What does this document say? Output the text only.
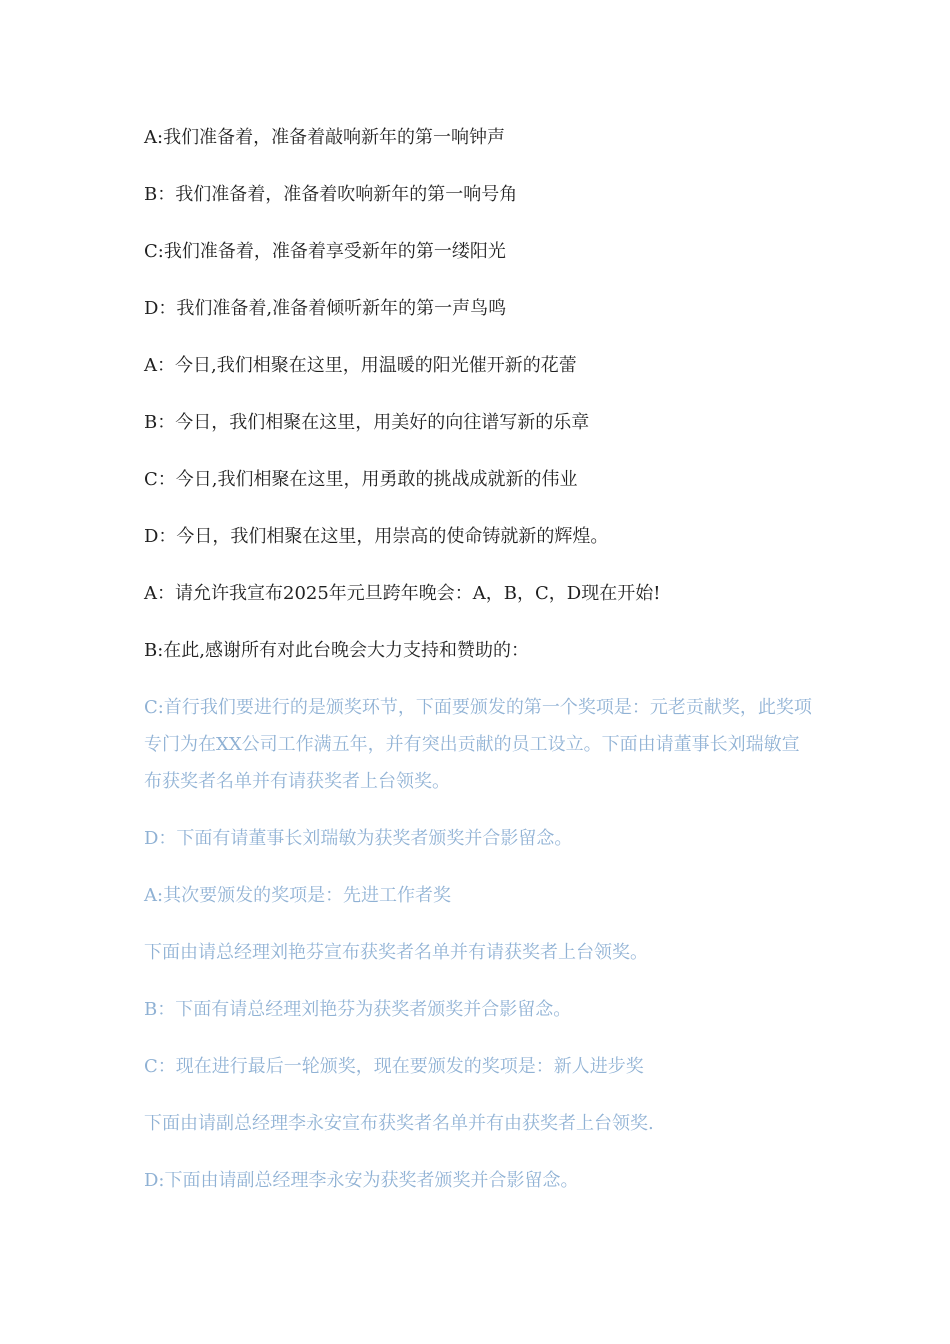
A:我们准备着，准备着敲响新年的第一响钟声

B：我们准备着，准备着吹响新年的第一响号角

C:我们准备着，准备着享受新年的第一缕阳光

D：我们准备着,准备着倾听新年的第一声鸟鸣

A：今日,我们相聚在这里，用温暖的阳光催开新的花蕾

B：今日，我们相聚在这里，用美好的向往谱写新的乐章

C：今日,我们相聚在这里，用勇敢的挑战成就新的伟业

D：今日，我们相聚在这里，用崇高的使命铸就新的辉煌。

A：请允许我宣布2025年元旦跨年晚会：A，B，C，D现在开始!

B:在此,感谢所有对此台晚会大力支持和赞助的：

C:首行我们要进行的是颁奖环节，下面要颁发的第一个奖项是：元老贡献奖，此奖项专门为在XX公司工作满五年，并有突出贡献的员工设立。下面由请董事长刘瑞敏宣布获奖者名单并有请获奖者上台领奖。

D：下面有请董事长刘瑞敏为获奖者颁奖并合影留念。

A:其次要颁发的奖项是：先进工作者奖

下面由请总经理刘艳芬宣布获奖者名单并有请获奖者上台领奖。

B：下面有请总经理刘艳芬为获奖者颁奖并合影留念。

C：现在进行最后一轮颁奖，现在要颁发的奖项是：新人进步奖

下面由请副总经理李永安宣布获奖者名单并有由获奖者上台领奖.

D:下面由请副总经理李永安为获奖者颁奖并合影留念。
